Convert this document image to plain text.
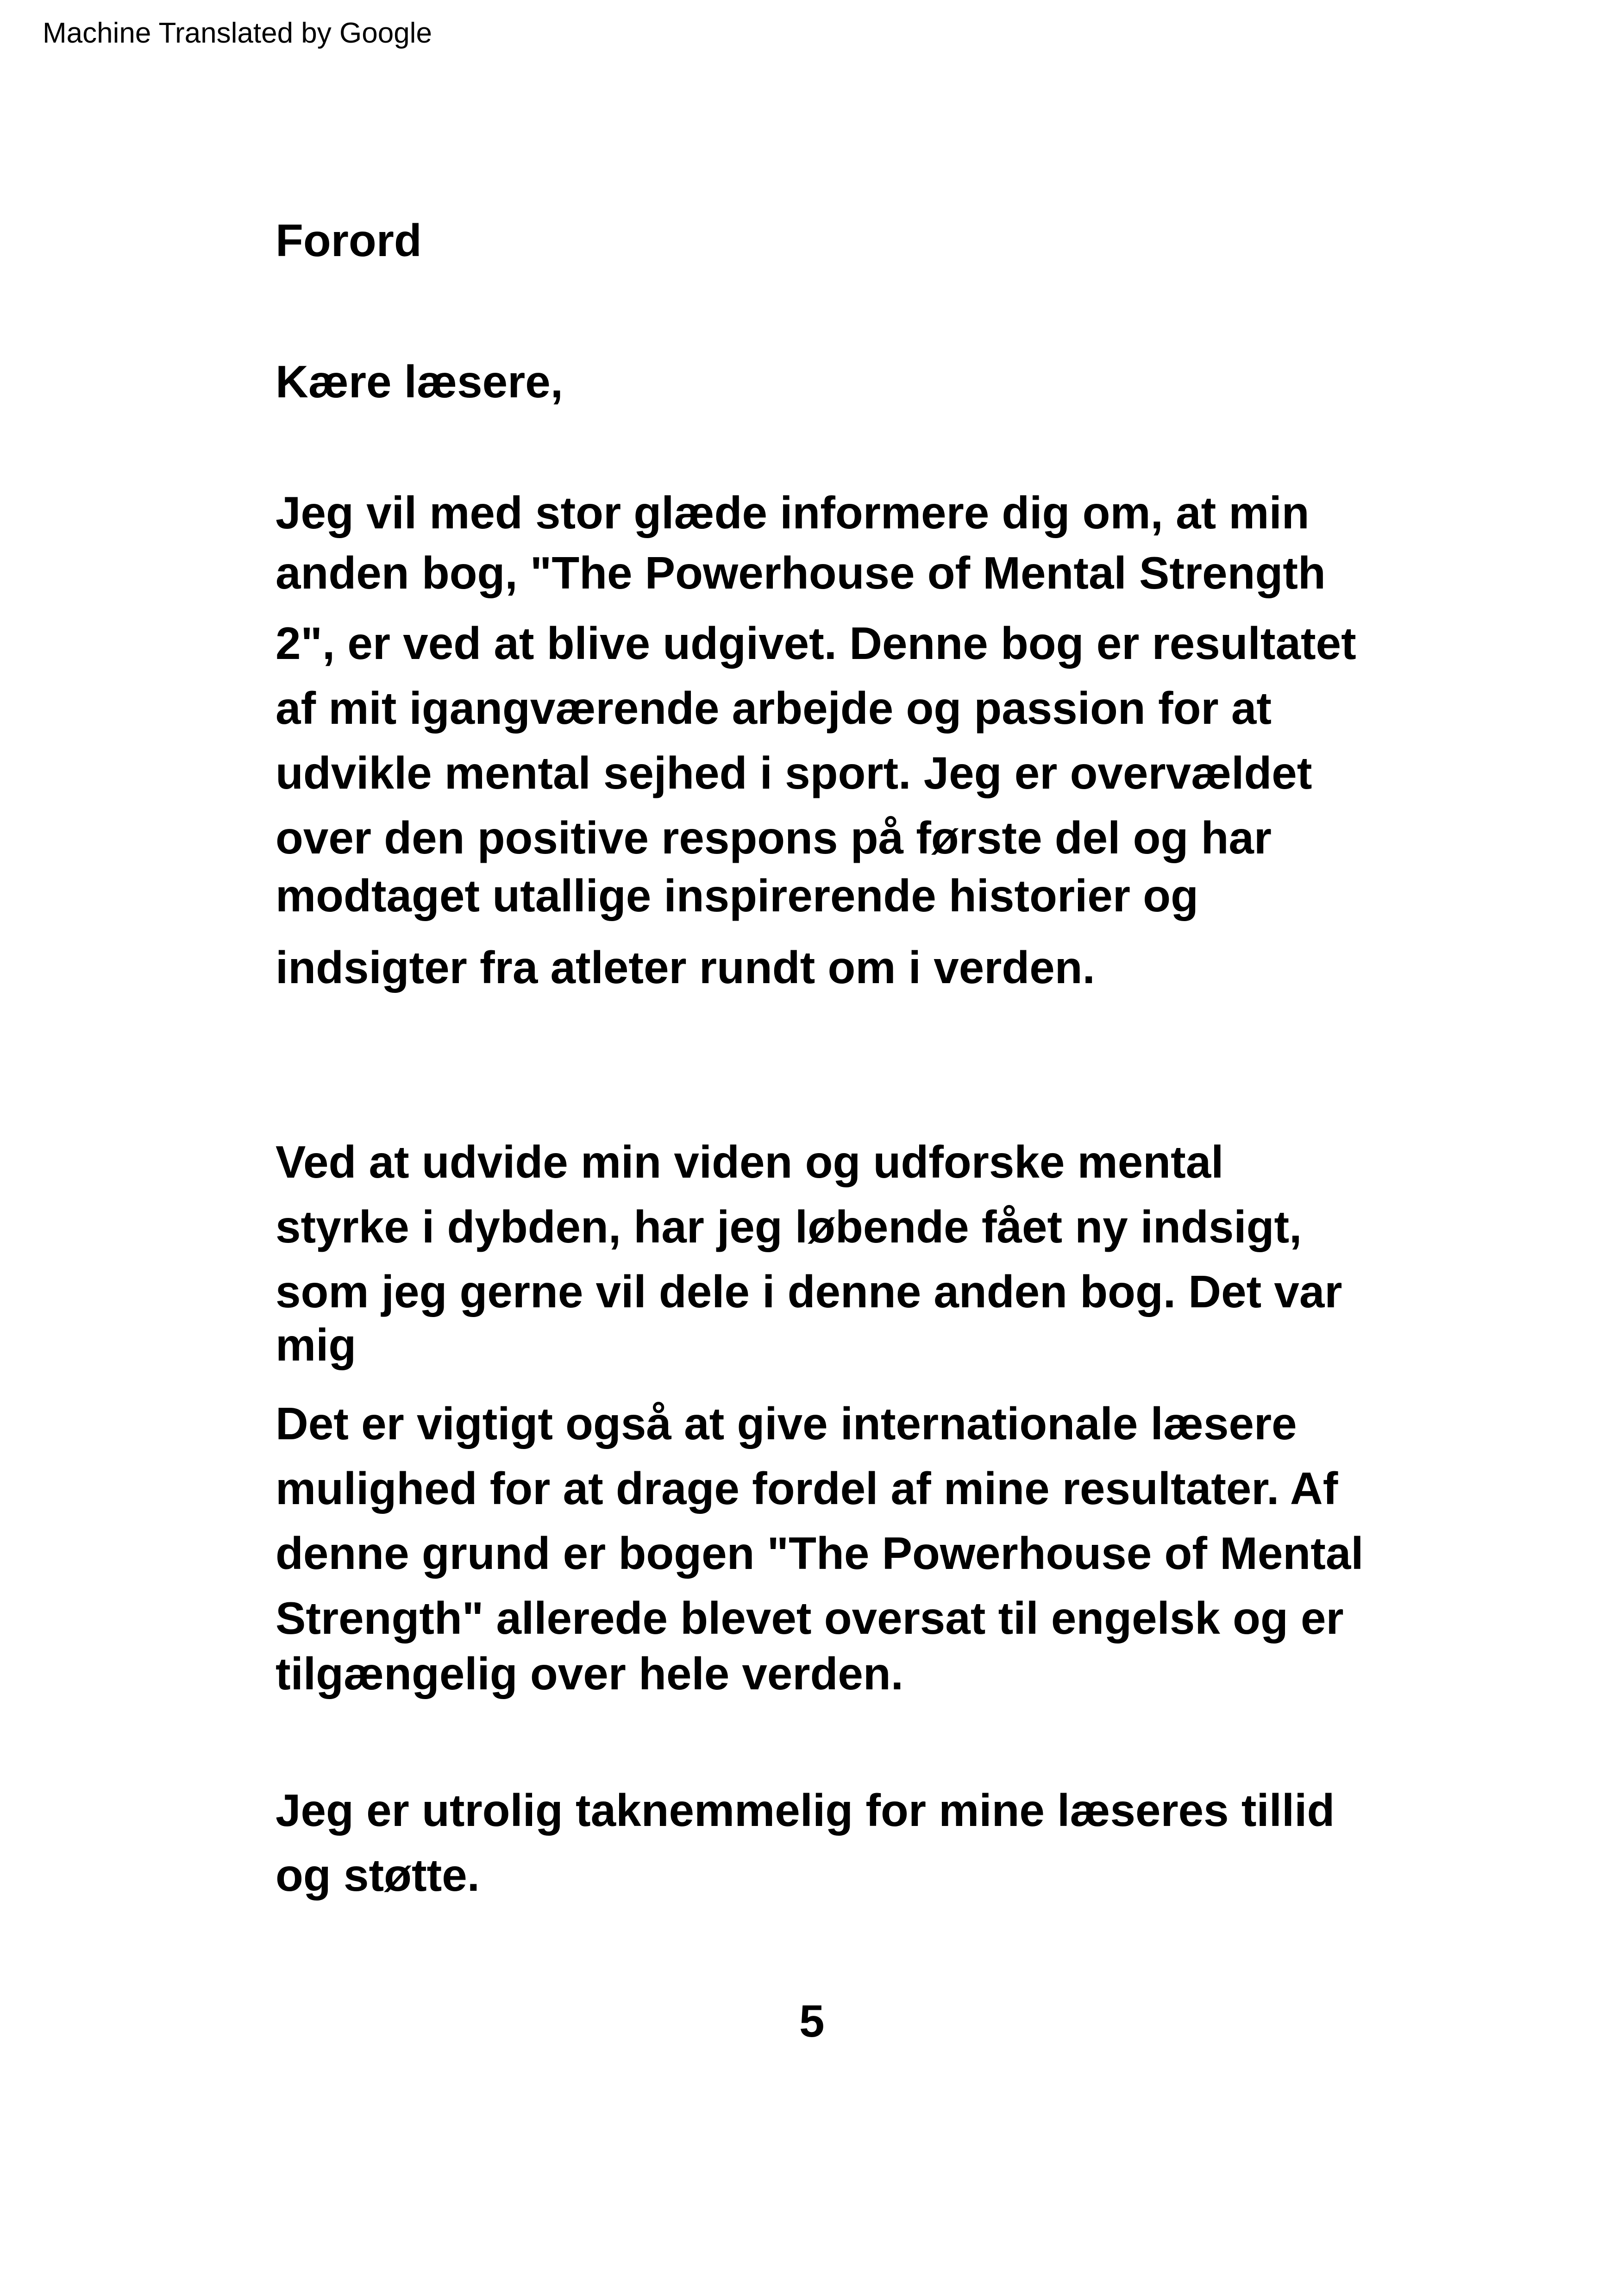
Machine Translated by Google
Forord

Kære læsere,

Jeg vil med stor glæde informere dig om, at min

anden bog, "The Powerhouse of Mental Strength

2", er ved at blive udgivet. Denne bog er resultatet

af mit igangværende arbejde og passion for at

udvikle mental sejhed i sport. Jeg er overvældet

over den positive respons på første del og har

modtaget utallige inspirerende historier og

indsigter fra atleter rundt om i verden.

Ved at udvide min viden og udforske mental

styrke i dybden, har jeg løbende fået ny indsigt,

som jeg gerne vil dele i denne anden bog. Det var

mig

Det er vigtigt også at give internationale læsere

mulighed for at drage fordel af mine resultater. Af

denne grund er bogen "The Powerhouse of Mental

Strength" allerede blevet oversat til engelsk og er

tilgængelig over hele verden.

Jeg er utrolig taknemmelig for mine læseres tillid

og støtte.

5
